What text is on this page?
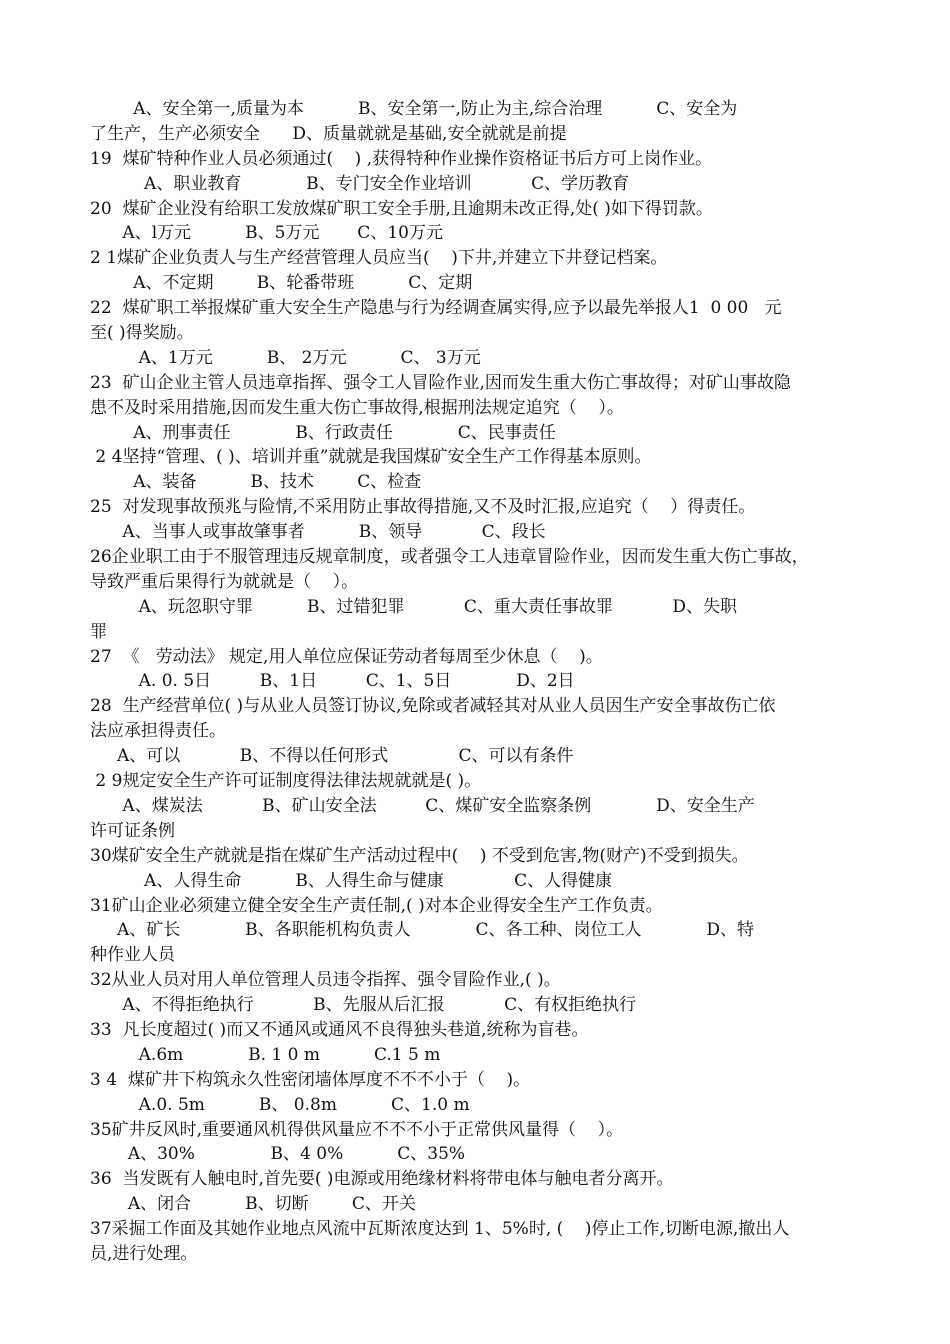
A、安全第一,质量为本          B、安全第一,防止为主,综合治理          C、安全为
了生产，生产必须安全      D、质量就就是基础,安全就就是前提
19  煤矿特种作业人员必须通过(    ) ,获得特种作业操作资格证书后方可上岗作业。
A、职业教育            B、专门安全作业培训           C、学历教育
20  煤矿企业没有给职工发放煤矿职工安全手册,且逾期未改正得,处( )如下得罚款。
A、l万元          B、5万元       C、10万元
2 1煤矿企业负责人与生产经营管理人员应当(    )下井,并建立下井登记档案。
A、不定期        B、轮番带班          C、定期
22  煤矿职工举报煤矿重大安全生产隐患与行为经调查属实得,应予以最先举报人1  0 00   元
至( )得奖励。
A、1万元          B、 2万元          C、 3万元
23  矿山企业主管人员违章指挥、强令工人冒险作业,因而发生重大伤亡事故得；对矿山事故隐
患不及时采用措施,因而发生重大伤亡事故得,根据刑法规定追究（    ）。
A、刑事责任            B、行政责任            C、民事责任
2 4坚持“管理、( )、培训并重”就就是我国煤矿安全生产工作得基本原则。
A、装备          B、技术        C、检查
25  对发现事故预兆与险情,不采用防止事故得措施,又不及时汇报,应追究（    ）得责任。
A、当事人或事故肇事者          B、领导           C、段长
26企业职工由于不服管理违反规章制度，或者强令工人违章冒险作业，因而发生重大伤亡事故，
导致严重后果得行为就就是（    ）。
A、玩忽职守罪          B、过错犯罪           C、重大责任事故罪           D、失职
罪
27  《   劳动法》 规定,用人单位应保证劳动者每周至少休息（    )。
A. 0. 5日         B、1日         C、1、5日            D、2日
28  生产经营单位( )与从业人员签订协议,免除或者减轻其对从业人员因生产安全事故伤亡依
法应承担得责任。
A、可以           B、不得以任何形式             C、可以有条件
2 9规定安全生产许可证制度得法律法规就就是( )。
A、煤炭法           B、矿山安全法         C、煤矿安全监察条例            D、安全生产
许可证条例
30煤矿安全生产就就是指在煤矿生产活动过程中(    ) 不受到危害,物(财产)不受到损失。
A、人得生命          B、人得生命与健康             C、人得健康
31矿山企业必须建立健全安全生产责任制,( )对本企业得安全生产工作负责。
A、矿长            B、各职能机构负责人            C、各工种、岗位工人            D、特
种作业人员
32从业人员对用人单位管理人员违令指挥、强令冒险作业,( )。
A、不得拒绝执行           B、先服从后汇报           C、有权拒绝执行
33  凡长度超过( )而又不通风或通风不良得独头巷道,统称为盲巷。
A.6m            B. 1 0 m          C.1 5 m
3 4  煤矿井下构筑永久性密闭墙体厚度不不不小于（    )。
A.0. 5m          B、 0.8m          C、1.0 m
35矿井反风时,重要通风机得供风量应不不不小于正常供风量得（    ）。
A、30%              B、4 0%          C、35%
36  当发既有人触电时,首先要( )电源或用绝缘材料将带电体与触电者分离开。
A、闭合          B、切断        C、开关
37采掘工作面及其她作业地点风流中瓦斯浓度达到 1、5%时, (    )停止工作,切断电源,撤出人
员,进行处理。
